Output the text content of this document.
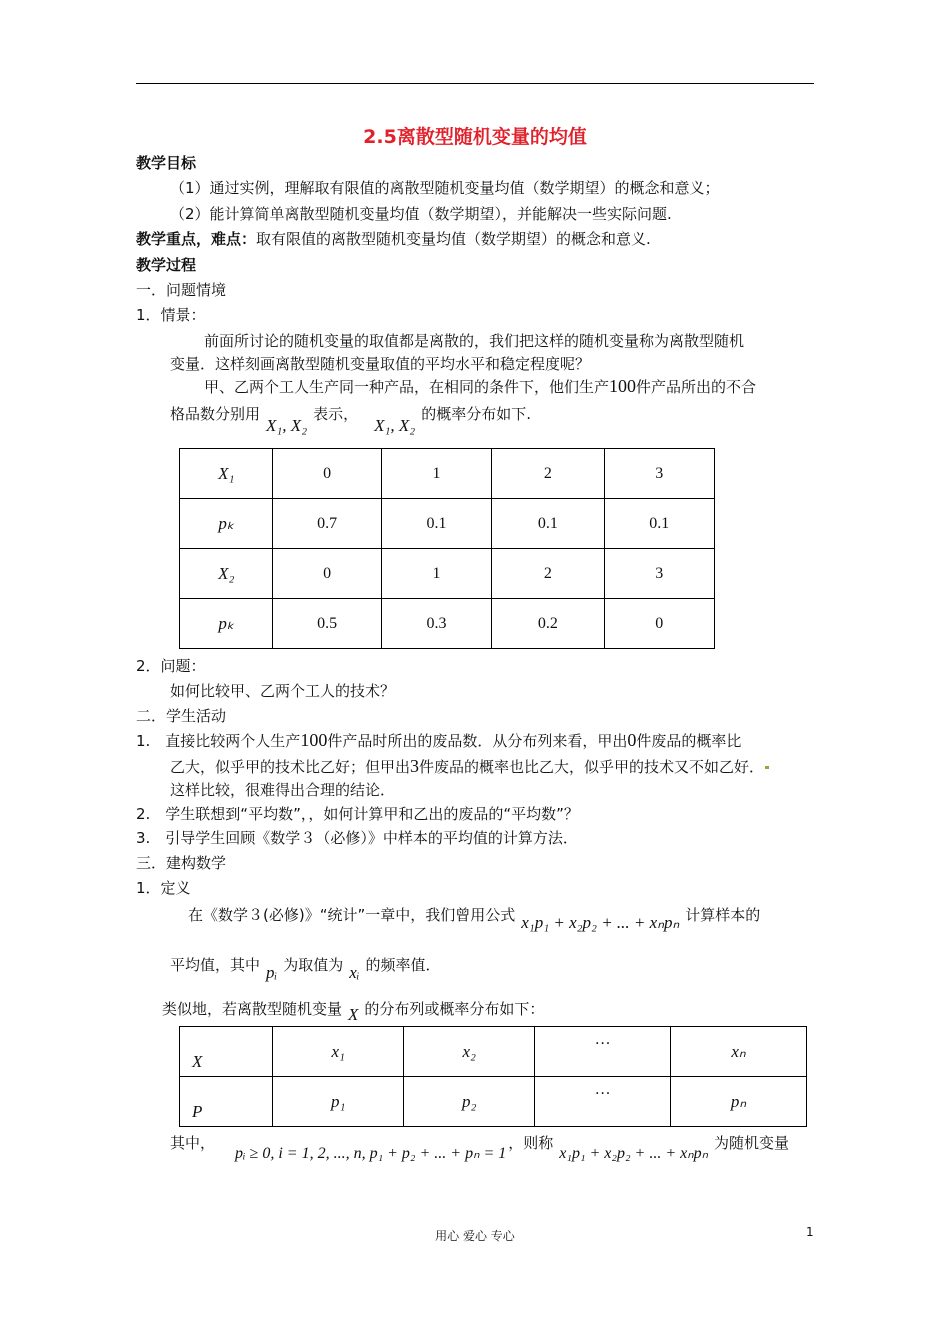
2.5离散型随机变量的均值
教学目标
（1）通过实例，理解取有限值的离散型随机变量均值（数学期望）的概念和意义；
（2）能计算简单离散型随机变量均值（数学期望），并能解决一些实际问题.
教学重点，难点：取有限值的离散型随机变量均值（数学期望）的概念和意义.
教学过程
一．问题情境
1．情景：
前面所讨论的随机变量的取值都是离散的，我们把这样的随机变量称为离散型随机
变量．这样刻画离散型随机变量取值的平均水平和稳定程度呢？
甲、乙两个工人生产同一种产品，在相同的条件下，他们生产100件产品所出的不合
格品数分别用X₁, X₂表示，X₁, X₂的概率分布如下.
X₁	0	1	2	3
pₖ	0.7	0.1	0.1	0.1
X₂	0	1	2	3
pₖ	0.5	0.3	0.2	0
2．问题：
如何比较甲、乙两个工人的技术？
二．学生活动
1.　直接比较两个人生产100件产品时所出的废品数．从分布列来看，甲出0件废品的概率比
乙大，似乎甲的技术比乙好；但甲出3件废品的概率也比乙大，似乎甲的技术又不如乙好．
这样比较，很难得出合理的结论．
2.　学生联想到“平均数”，，如何计算甲和乙出的废品的“平均数”？
3.　引导学生回顾《数学３（必修）》中样本的平均值的计算方法．
三．建构数学
1．定义
在《数学３(必修)》“统计”一章中，我们曾用公式 x₁p₁ + x₂p₂ + ... + xₙpₙ 计算样本的
平均值，其中 pᵢ 为取值为 xᵢ 的频率值．
类似地，若离散型随机变量 X 的分布列或概率分布如下：
X	x₁	x₂	…	xₙ
P	p₁	p₂	…	pₙ
其中，pᵢ ≥ 0, i = 1, 2, ..., n, p₁ + p₂ + ... + pₙ = 1，则称x₁p₁ + x₂p₂ + ... + xₙpₙ为随机变量
用心 爱心 专心	1
